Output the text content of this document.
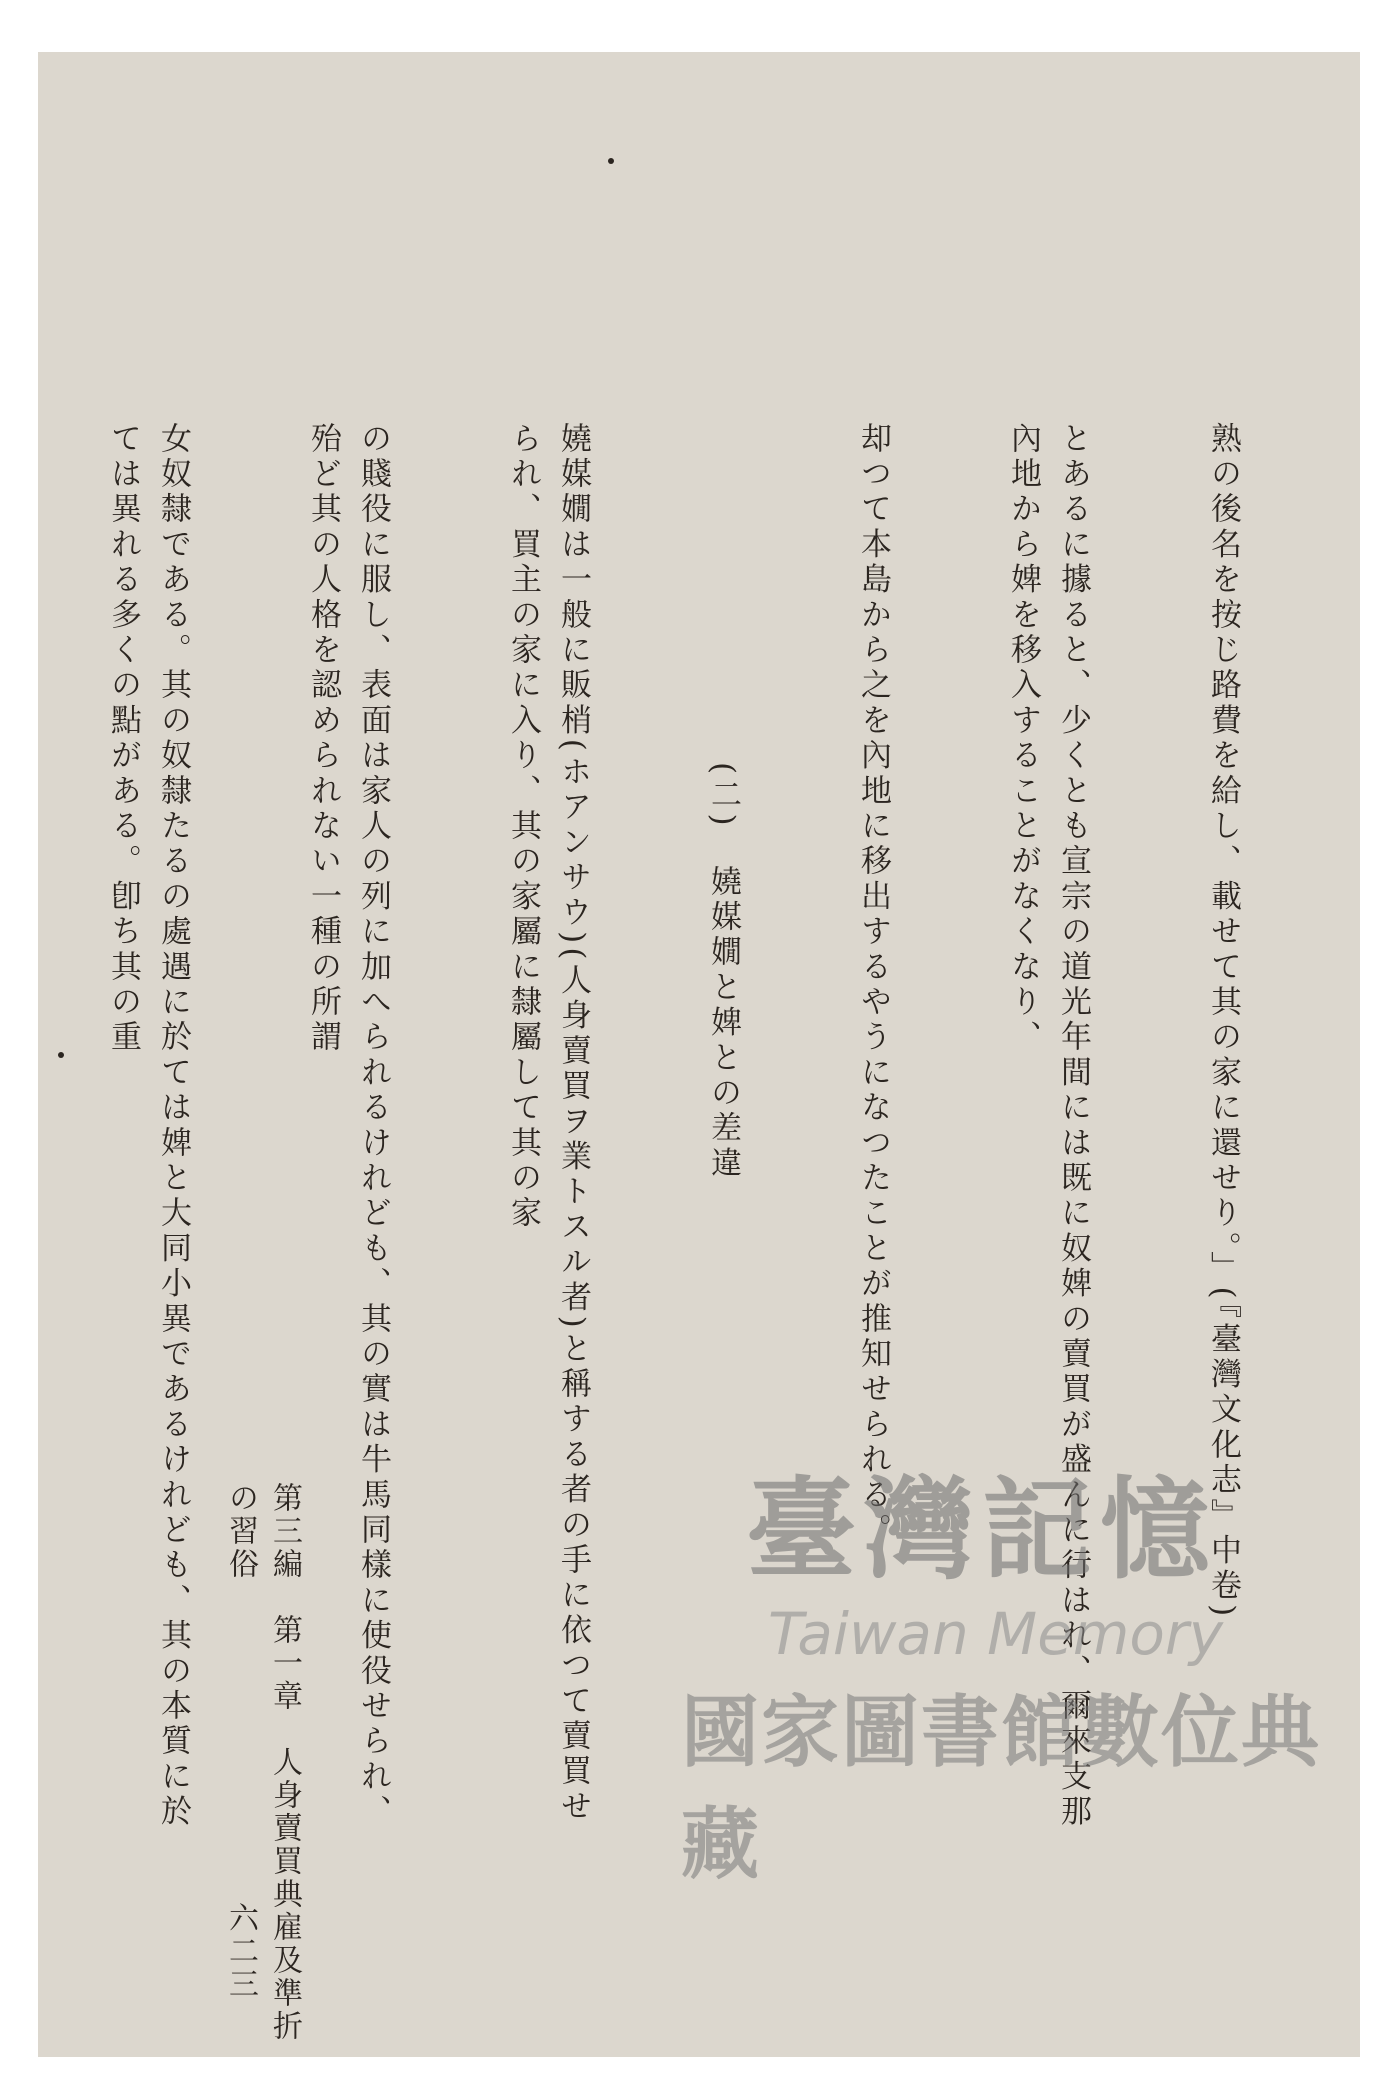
熟の後名を按じ路費を給し、載せて其の家に還せり。」(『臺灣文化志』中卷)

とあるに據ると、少くとも宣宗の道光年間には既に奴婢の賣買が盛んに行はれ、爾來支那內地から婢を移入することがなくなり、

却つて本島から之を內地に移出するやうになつたことが推知せられる。

(二)　嬈媒嫺と婢との差違

嬈媒嫺は一般に販梢(ホアンサウ)(人身賣買ヲ業トスル者)と稱する者の手に依つて賣買せられ、買主の家に入り、其の家屬に隸屬して其の家

の賤役に服し、表面は家人の列に加へられるけれども、其の實は牛馬同樣に使役せられ、殆ど其の人格を認められない一種の所謂

女奴隸である。其の奴隸たるの處遇に於ては婢と大同小異であるけれども、其の本質に於ては異れる多くの點がある。卽ち其の重

第三編　第一章　人身賣買典雇及準折の習俗
六二三
臺灣記憶
Taiwan Memory
國家圖書館數位典藏
